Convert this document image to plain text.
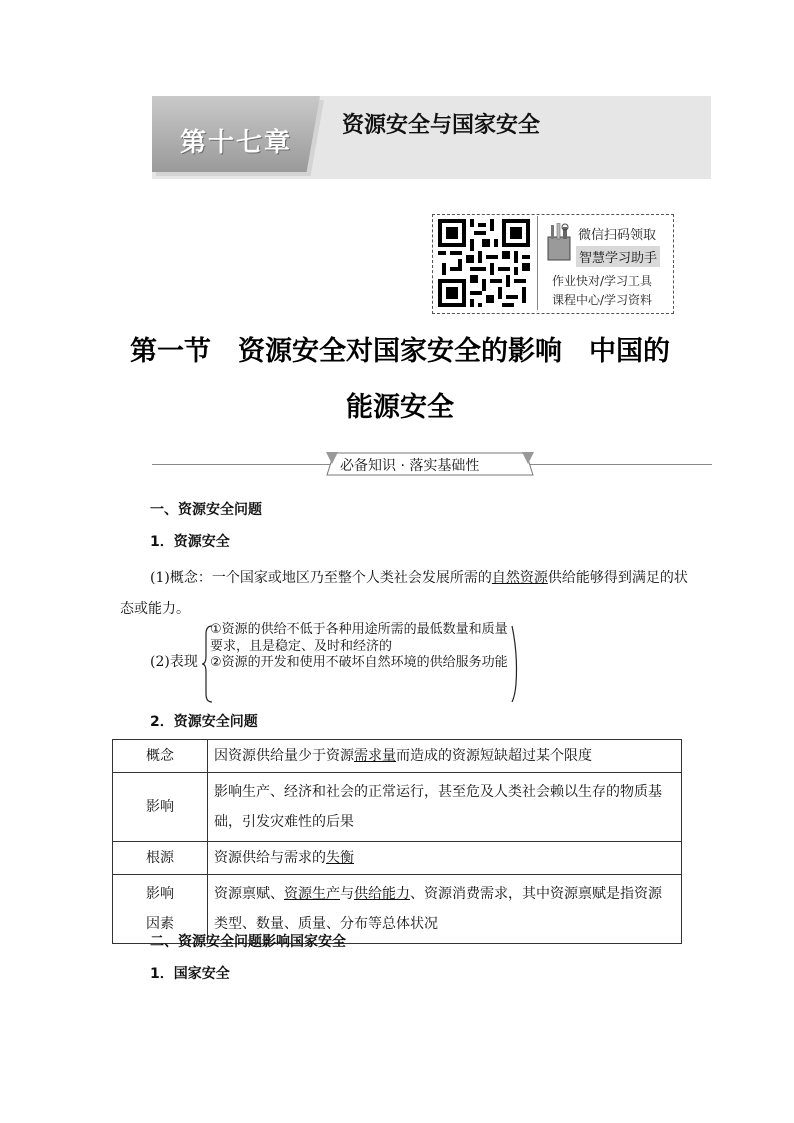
第十七章
资源安全与国家安全
微信扫码领取
智慧学习助手
作业快对/学习工具
课程中心/学习资料
第一节　资源安全对国家安全的影响　中国的能源安全
必备知识 · 落实基础性
一、资源安全问题
1．资源安全
(1)概念：一个国家或地区乃至整个人类社会发展所需的自然资源供给能够得到满足的状态或能力。
(2)表现
①资源的供给不低于各种用途所需的最低数量和质量要求，且是稳定、及时和经济的
②资源的开发和使用不破坏自然环境的供给服务功能
2．资源安全问题
概念	因资源供给量少于资源需求量而造成的资源短缺超过某个限度
影响	影响生产、经济和社会的正常运行，甚至危及人类社会赖以生存的物质基础，引发灾难性的后果
根源	资源供给与需求的失衡

影响
因素	资源禀赋、资源生产与供给能力、资源消费需求，其中资源禀赋是指资源类型、数量、质量、分布等总体状况
二、资源安全问题影响国家安全
1．国家安全
